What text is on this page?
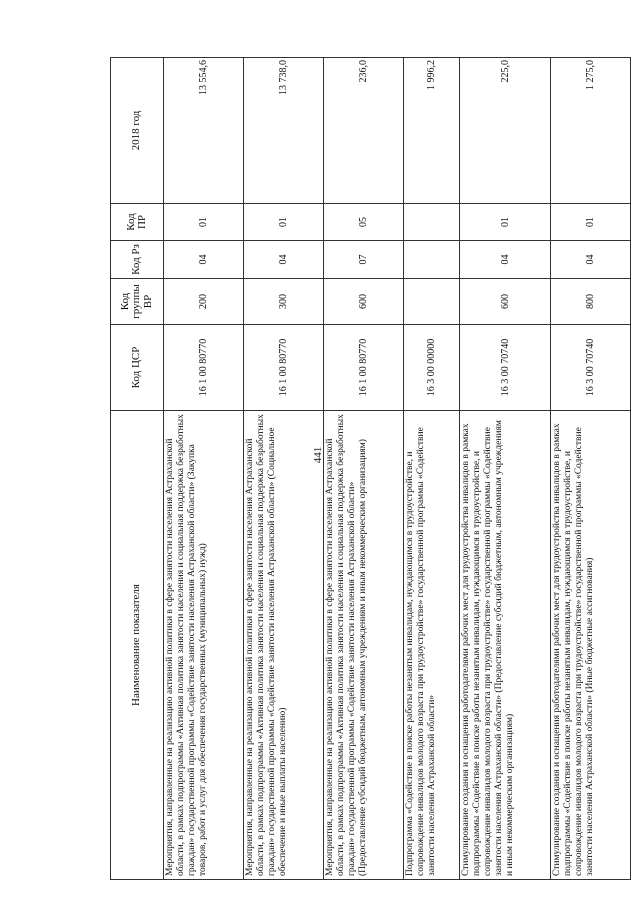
441
Наименование показателя	Код ЦСР	Код группы ВР	Код Рз	Код ПР	2018 год
Мероприятия, направленные на реализацию активной политики в сфере занятости населения Астраханской области, в рамках подпрограммы «Активная политика занятости населения и социальная поддержка безработных граждан» государственной программы «Содействие занятости населения Астраханской области» (Закупка товаров, работ и услуг для обеспечения государственных (муниципальных) нужд)	16 1 00 80770	200	04	01	13 554,6
Мероприятия, направленные на реализацию активной политики в сфере занятости населения Астраханской области, в рамках подпрограммы «Активная политика занятости населения и социальная поддержка безработных граждан» государственной программы «Содействие занятости населения Астраханской области» (Социальное обеспечение и иные выплаты населению)	16 1 00 80770	300	04	01	13 738,0
Мероприятия, направленные на реализацию активной политики в сфере занятости населения Астраханской области, в рамках подпрограммы «Активная политика занятости населения и социальная поддержка безработных граждан» государственной программы «Содействие занятости населения Астраханской области» (Предоставление субсидий бюджетным, автономным учреждениям и иным некоммерческим организациям)	16 1 00 80770	600	07	05	236,0
Подпрограмма «Содействие в поиске работы незанятым инвалидам, нуждающимся в трудоустройстве, и сопровождение инвалидов молодого возраста при трудоустройстве» государственной программы «Содействие занятости населения Астраханской области»	16 3 00 00000				1 996,2
Стимулирование создания и оснащения работодателями рабочих мест для трудоустройства инвалидов в рамках подпрограммы «Содействие в поиске работы незанятым инвалидам, нуждающимся в трудоустройстве, и сопровождение инвалидов молодого возраста при трудоустройстве» государственной программы «Содействие занятости населения Астраханской области» (Предоставление субсидий бюджетным, автономным учреждениям и иным некоммерческим организациям)	16 3 00 70740	600	04	01	225,0
Стимулирование создания и оснащения работодателями рабочих мест для трудоустройства инвалидов в рамках подпрограммы «Содействие в поиске работы незанятым инвалидам, нуждающимся в трудоустройстве, и сопровождение инвалидов молодого возраста при трудоустройстве» государственной программы «Содействие занятости населения Астраханской области» (Иные бюджетные ассигнования)	16 3 00 70740	800	04	01	1 275,0
